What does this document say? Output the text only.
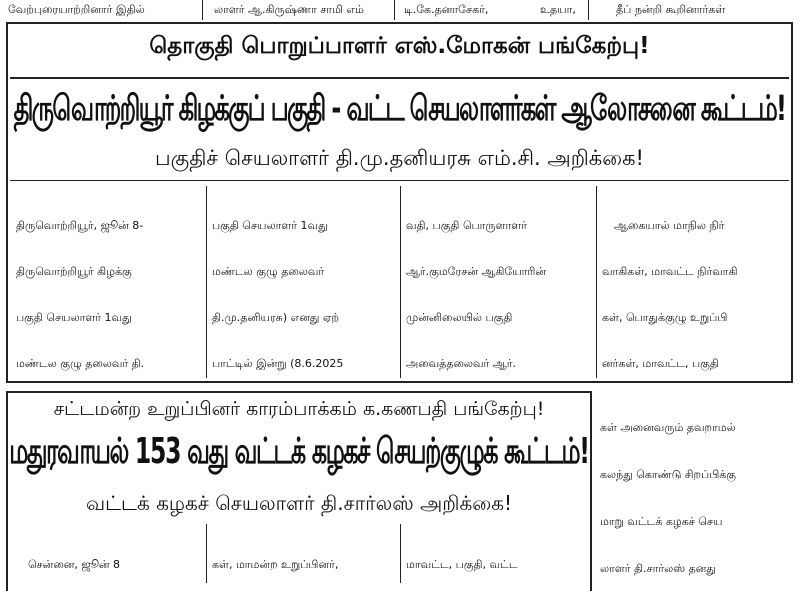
வேற்புரையாற்றினார் இதில்	லாளர் ஆ.கிருஷ்ணா சாமி எம்	டி.கே.தனாசேகர்,	உதயா,	தீப் நன்றி கூறினார்கள்
தொகுதி பொறுப்பாளர் எஸ்.மோகன் பங்கேற்பு!
திருவொற்றியூர் கிழக்குப் பகுதி - வட்ட செயலாளர்கள் ஆலோசனை கூட்டம்!
பகுதிச் செயலாளர் தி.மு.தனியரசு எம்.சி. அறிக்கை!

திருவொற்றியூர், ஜூன் 8-

திருவொற்றியூர் கிழக்கு

பகுதி செயலாளர் 1வது

மண்டல குழு தலைவர் தி.

பகுதி செயலாளர் 1வது

மண்டல குழு தலைவர்

தி.மு.தனியரசு) எனது ஏற்

பாட்டில் இன்று (8.6.2025

வதி, பகுதி பொருளாளர்

ஆர்.குமரேசன் ஆகியோரின்

முன்னிலையில் பகுதி

அவைத்தலைவர் ஆர்.

ஆகையால் மாநில நிர்

வாகிகள், மாவட்ட நிர்வாகி

கள், பொதுக்குழு உறுப்பி

னர்கள், மாவட்ட, பகுதி

சட்டமன்ற உறுப்பினர் காரம்பாக்கம் க.கணபதி பங்கேற்பு!
மதுரவாயல் 153 வது வட்டக் கழகச் செயற்குழுக் கூட்டம்!
வட்டக் கழகச் செயலாளர் தி.சார்லஸ் அறிக்கை!

சென்னை, ஜூன் 8

	கள், மாமன்ற உறுப்பினர்,

	மாவட்ட, பகுதி, வட்ட

கள் அனைவரும் தவறாமல்

கலந்து கொண்டு சிறப்பிக்கு

மாறு வட்டக் கழகச் செய

லாளர் தி.சார்லஸ் தனது
